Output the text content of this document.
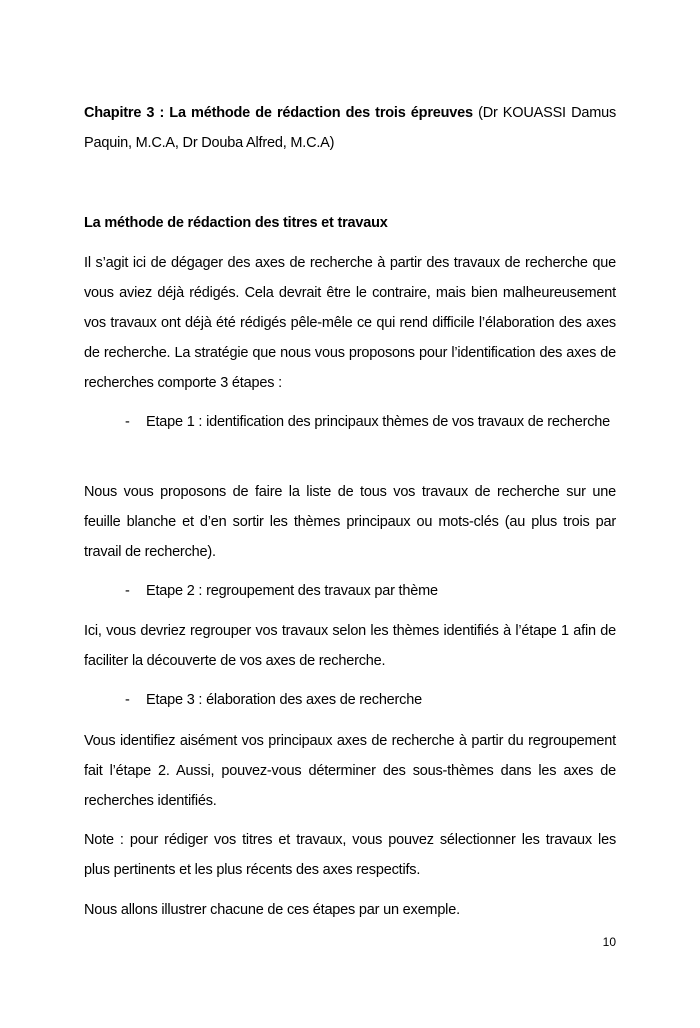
Chapitre 3 : La méthode de rédaction des trois épreuves (Dr KOUASSI Damus Paquin, M.C.A, Dr Douba Alfred, M.C.A)
La méthode de rédaction des titres et travaux
Il s’agit ici de dégager des axes de recherche à partir des travaux de recherche que vous aviez déjà rédigés. Cela devrait être le contraire, mais bien malheureusement vos travaux ont déjà été rédigés pêle-mêle ce qui rend difficile l’élaboration des axes de recherche. La stratégie que nous vous proposons pour l’identification des axes de recherches comporte 3 étapes :
- Etape 1 : identification des principaux thèmes de vos travaux de recherche
Nous vous proposons de faire la liste de tous vos travaux de recherche sur une feuille blanche et d’en sortir les thèmes principaux ou mots-clés (au plus trois par travail de recherche).
- Etape 2 : regroupement des travaux par thème
Ici, vous devriez regrouper vos travaux selon les thèmes identifiés à l’étape 1 afin de faciliter la découverte de vos axes de recherche.
- Etape 3 : élaboration des axes de recherche
Vous identifiez aisément vos principaux axes de recherche à partir du regroupement fait l’étape 2. Aussi, pouvez-vous déterminer des sous-thèmes dans les axes de recherches identifiés.
Note : pour rédiger vos titres et travaux, vous pouvez sélectionner les travaux les plus pertinents et les plus récents des axes respectifs.
Nous allons illustrer chacune de ces étapes par un exemple.
10
